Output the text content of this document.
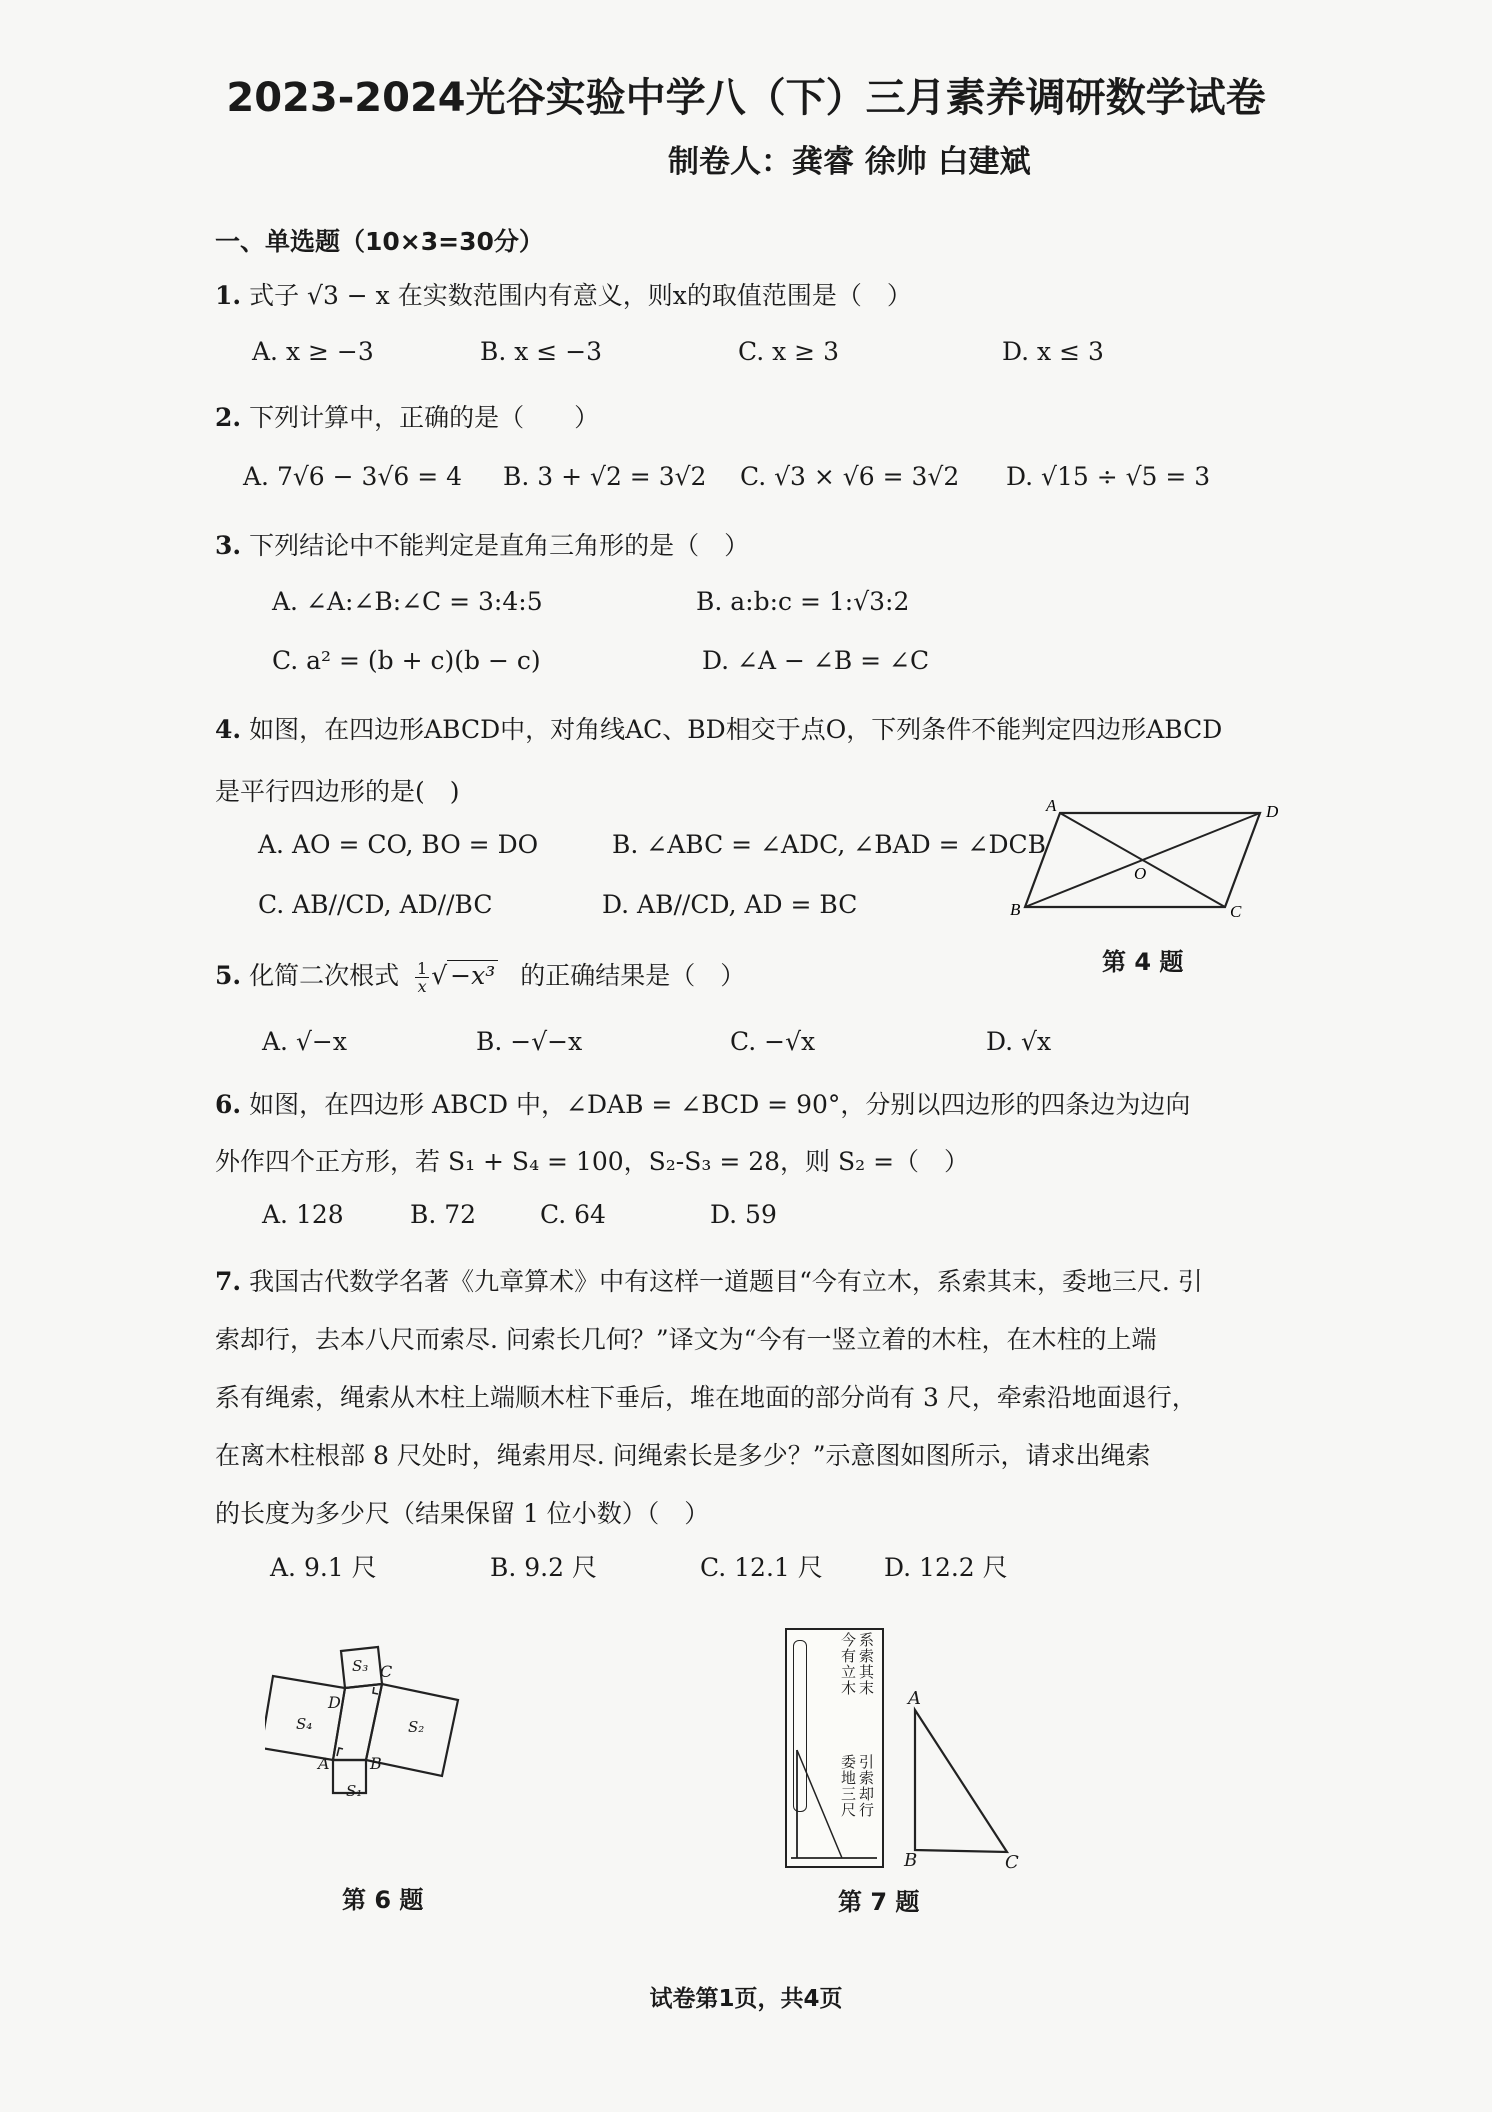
2023-2024光谷实验中学八（下）三月素养调研数学试卷
制卷人：龚睿 徐帅 白建斌
一、单选题（10×3=30分）
1. 式子 √3 − x 在实数范围内有意义，则x的取值范围是（　）
A. x ≥ −3	B. x ≤ −3	C. x ≥ 3	D. x ≤ 3
2. 下列计算中，正确的是（　　）
A. 7√6 − 3√6 = 4 B. 3 + √2 = 3√2 C. √3 × √6 = 3√2 D. √15 ÷ √5 = 3
3. 下列结论中不能判定是直角三角形的是（　）
A. ∠A:∠B:∠C = 3:4:5	B. a:b:c = 1:√3:2
C. a² = (b + c)(b − c)	D. ∠A − ∠B = ∠C
4. 如图，在四边形ABCD中，对角线AC、BD相交于点O，下列条件不能判定四边形ABCD
是平行四边形的是(　)
A. AO = CO, BO = DO	B. ∠ABC = ∠ADC, ∠BAD = ∠DCB
C. AB//CD, AD//BC	D. AB//CD, AD = BC
A	D
B	C
O
第 4 题
5. 化简二次根式 $\frac{1}{x}$ √ −x³ 的正确结果是（　）
A. √−x	B. −√−x	C. −√x	D. √x
6. 如图，在四边形 ABCD 中，∠DAB = ∠BCD = 90°，分别以四边形的四条边为边向
外作四个正方形，若 S₁ + S₄ = 100，S₂-S₃ = 28，则 S₂ =（　）
A. 128	B. 72	C. 64	D. 59
7. 我国古代数学名著《九章算术》中有这样一道题目“今有立木，系索其末，委地三尺. 引
索却行，去本八尺而索尽. 问索长几何？”译文为“今有一竖立着的木柱，在木柱的上端
系有绳索，绳索从木柱上端顺木柱下垂后，堆在地面的部分尚有 3 尺，牵索沿地面退行，
在离木柱根部 8 尺处时，绳索用尽. 问绳索长是多少？”示意图如图所示，请求出绳索
的长度为多少尺（结果保留 1 位小数）（　）
A. 9.1 尺	B. 9.2 尺	C. 12.1 尺 D. 12.2 尺
S₁
S₂
S₃
S₄
A	B
C
D
第 6 题
今有立木
系索其末
委地三尺
引索却行
A
B	C
第 7 题
试卷第1页，共4页
